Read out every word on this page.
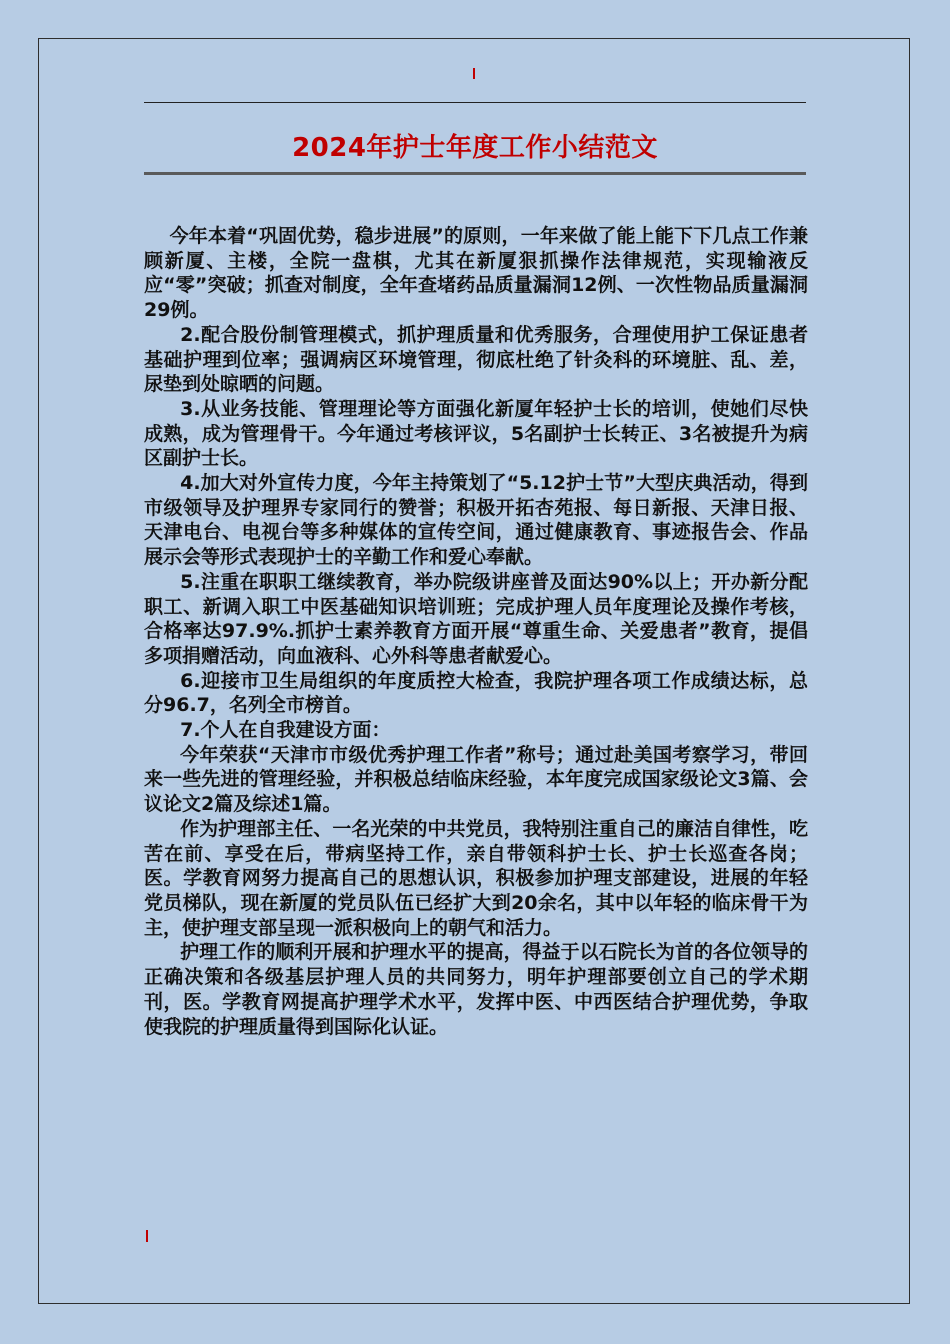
2024年护士年度工作小结范文

今年本着“巩固优势，稳步进展”的原则，一年来做了能上能下下几点工作兼顾新厦、主楼，全院一盘棋，尤其在新厦狠抓操作法律规范，实现输液反应“零”突破；抓查对制度，全年查堵药品质量漏洞12例、一次性物品质量漏洞29例。

2.配合股份制管理模式，抓护理质量和优秀服务，合理使用护工保证患者基础护理到位率；强调病区环境管理，彻底杜绝了针灸科的环境脏、乱、差，尿垫到处晾晒的问题。

3.从业务技能、管理理论等方面强化新厦年轻护士长的培训，使她们尽快成熟，成为管理骨干。今年通过考核评议，5名副护士长转正、3名被提升为病区副护士长。

4.加大对外宣传力度，今年主持策划了“5.12护士节”大型庆典活动，得到市级领导及护理界专家同行的赞誉；积极开拓杏苑报、每日新报、天津日报、天津电台、电视台等多种媒体的宣传空间，通过健康教育、事迹报告会、作品展示会等形式表现护士的辛勤工作和爱心奉献。

5.注重在职职工继续教育，举办院级讲座普及面达90%以上；开办新分配职工、新调入职工中医基础知识培训班；完成护理人员年度理论及操作考核，合格率达97.9%.抓护士素养教育方面开展“尊重生命、关爱患者”教育，提倡多项捐赠活动，向血液科、心外科等患者献爱心。

6.迎接市卫生局组织的年度质控大检查，我院护理各项工作成绩达标，总分96.7，名列全市榜首。

7.个人在自我建设方面：

今年荣获“天津市市级优秀护理工作者”称号；通过赴美国考察学习，带回来一些先进的管理经验，并积极总结临床经验，本年度完成国家级论文3篇、会议论文2篇及综述1篇。

作为护理部主任、一名光荣的中共党员，我特别注重自己的廉洁自律性，吃苦在前、享受在后，带病坚持工作，亲自带领科护士长、护士长巡查各岗；医。学教育网努力提高自己的思想认识，积极参加护理支部建设，进展的年轻党员梯队，现在新厦的党员队伍已经扩大到20余名，其中以年轻的临床骨干为主，使护理支部呈现一派积极向上的朝气和活力。

护理工作的顺利开展和护理水平的提高，得益于以石院长为首的各位领导的正确决策和各级基层护理人员的共同努力，明年护理部要创立自己的学术期刊，医。学教育网提高护理学术水平，发挥中医、中西医结合护理优势，争取使我院的护理质量得到国际化认证。
